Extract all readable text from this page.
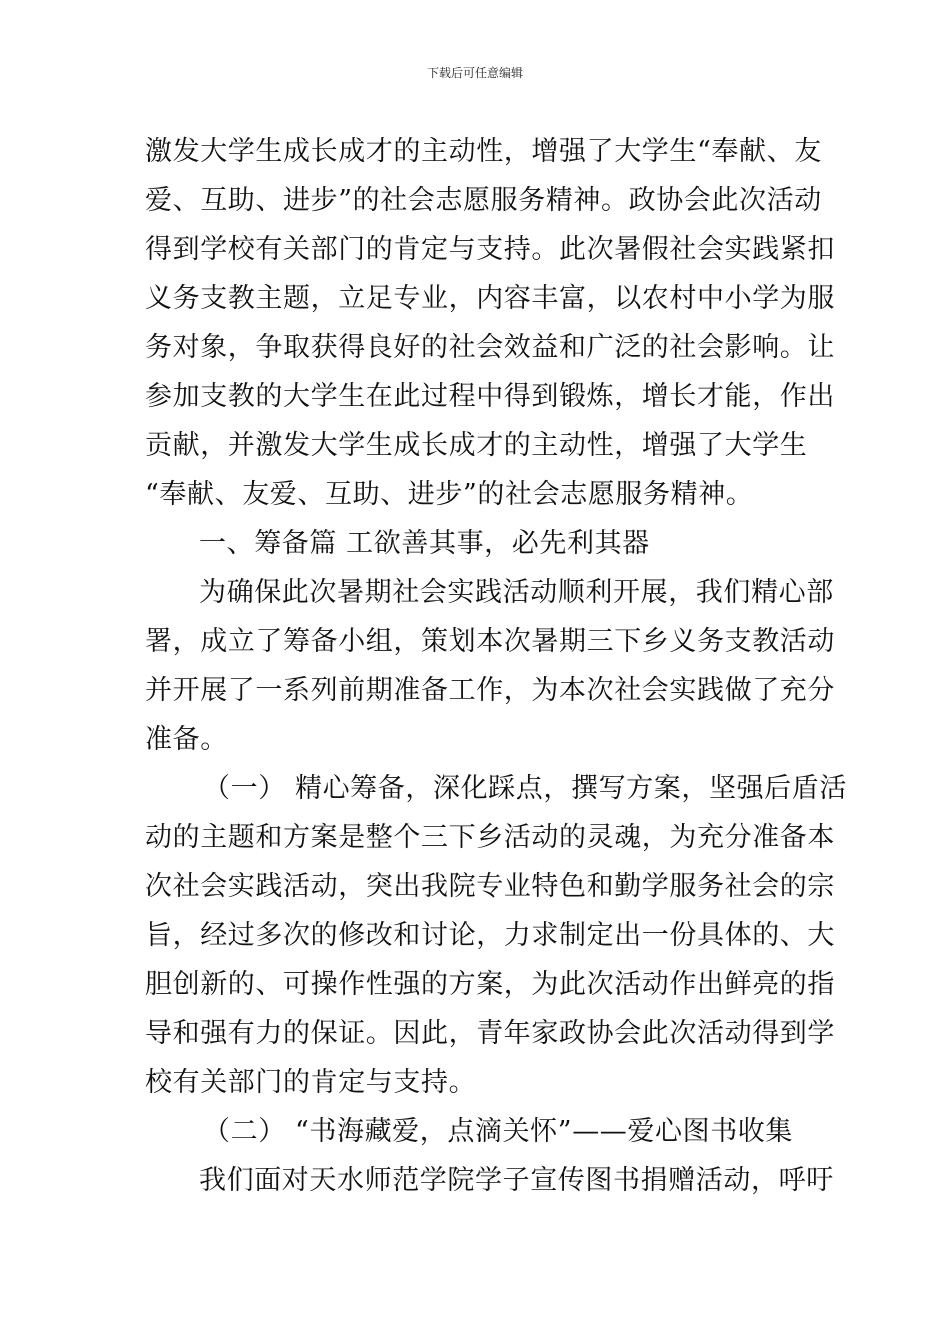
下载后可任意编辑
激发大学生成长成才的主动性，增强了大学生“奉献、友
爱、互助、进步”的社会志愿服务精神。政协会此次活动
得到学校有关部门的肯定与支持。此次暑假社会实践紧扣
义务支教主题，立足专业，内容丰富，以农村中小学为服
务对象，争取获得良好的社会效益和广泛的社会影响。让
参加支教的大学生在此过程中得到锻炼，增长才能，作出
贡献，并激发大学生成长成才的主动性，增强了大学生
“奉献、友爱、互助、进步”的社会志愿服务精神。
一、筹备篇 工欲善其事，必先利其器
为确保此次暑期社会实践活动顺利开展，我们精心部
署，成立了筹备小组，策划本次暑期三下乡义务支教活动
并开展了一系列前期准备工作，为本次社会实践做了充分
准备。
（一） 精心筹备，深化踩点，撰写方案，坚强后盾活
动的主题和方案是整个三下乡活动的灵魂，为充分准备本
次社会实践活动，突出我院专业特色和勤学服务社会的宗
旨，经过多次的修改和讨论，力求制定出一份具体的、大
胆创新的、可操作性强的方案，为此次活动作出鲜亮的指
导和强有力的保证。因此，青年家政协会此次活动得到学
校有关部门的肯定与支持。
（二） “书海藏爱，点滴关怀”——爱心图书收集
我们面对天水师范学院学子宣传图书捐赠活动，呼吁
